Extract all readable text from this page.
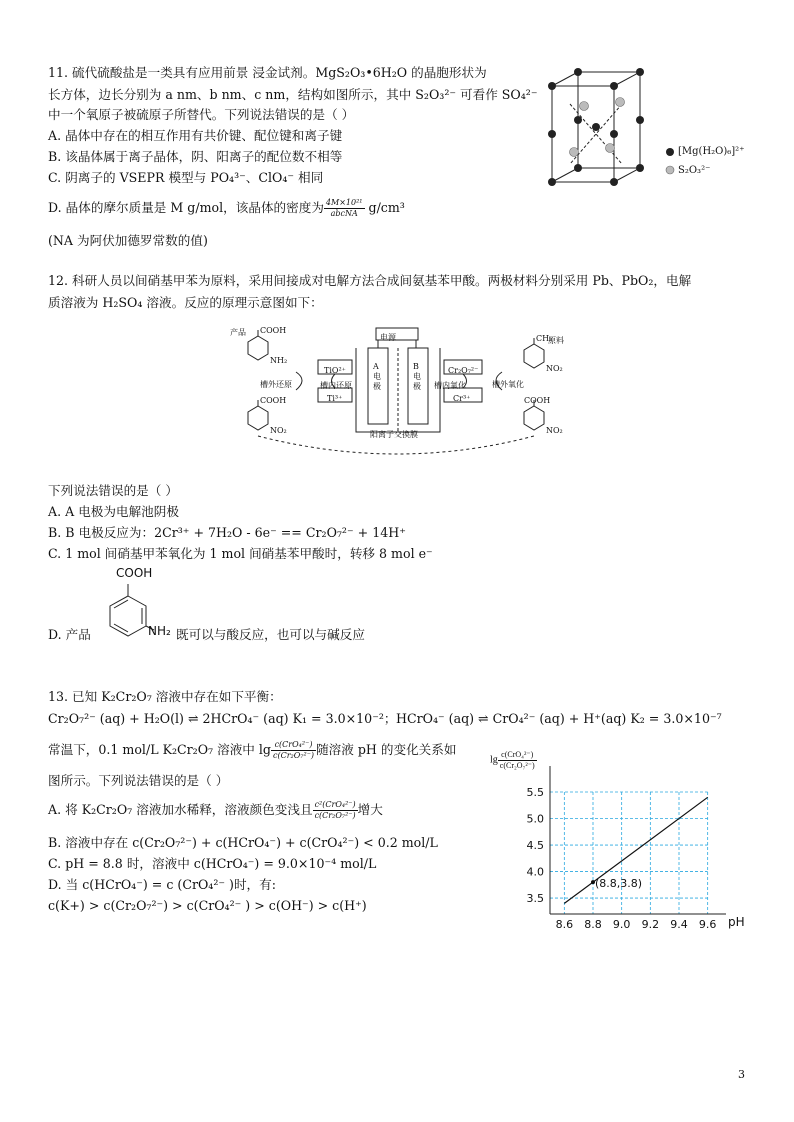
11. 硫代硫酸盐是一类具有应用前景 浸金试剂。MgS₂O₃•6H₂O 的晶胞形状为
长方体，边长分别为 a nm、b nm、c nm，结构如图所示，其中 S₂O₃²⁻ 可看作 SO₄²⁻
中一个氧原子被硫原子所替代。下列说法错误的是（ ）
A. 晶体中存在的相互作用有共价键、配位键和离子键
B. 该晶体属于离子晶体，阴、阳离子的配位数不相等
C. 阴离子的 VSEPR 模型与 PO₄³⁻、ClO₄⁻ 相同
D. 晶体的摩尔质量是 M g/mol，该晶体的密度为 $\frac{\text{4M×10²¹}}{\text{abcNA}} g/cm^3$
(NA 为阿伏加德罗常数的值)
[Mg(H₂O)₆]²⁺
S₂O₃²⁻
12. 科研人员以间硝基甲苯为原料，采用间接成对电解方法合成间氨基苯甲酸。两极材料分别采用 Pb、PbO₂，电解
质溶液为 H₂SO₄ 溶液。反应的原理示意图如下：
电源
产品 COOH
NH₂
COOH
NO₂
CH₃
原料
NO₂
COOH
NO₂
TiO²⁺
Ti³⁺
Cr₂O₇²⁻
Cr³⁺
槽外还原	槽内还原	槽内氧化	槽外氧化
A电极
B电极
阳离子交换膜
下列说法错误的是（ ）
A. A 电极为电解池阴极
B. B 电极反应为：2Cr³⁺ + 7H₂O - 6e⁻ == Cr₂O₇²⁻ + 14H⁺
C. 1 mol 间硝基甲苯氧化为 1 mol 间硝基苯甲酸时，转移 8 mol e⁻
COOH
NH₂
D. 产品	既可以与酸反应，也可以与碱反应
13. 已知 K₂Cr₂O₇ 溶液中存在如下平衡：
Cr₂O₇²⁻ (aq) + H₂O(l) ⇌ 2HCrO₄⁻ (aq) K₁ = 3.0×10⁻²； HCrO₄⁻ (aq) ⇌ CrO₄²⁻ (aq) + H⁺(aq) K₂ = 3.0×10⁻⁷
常温下，0.1 mol/L K₂Cr₂O₇ 溶液中 $\lg \frac{\text{c(CrO₄²⁻)}}{\text{c(Cr₂O₇²⁻)}}$ 随溶液 pH 的变化关系如
图所示。下列说法错误的是（ ）
A. 将 K₂Cr₂O₇ 溶液加水稀释，溶液颜色变浅且 $\frac{\text{c²(CrO₄²⁻)}}{\text{c(Cr₂O₇²⁻)}}$ 增大
B. 溶液中存在 c(Cr₂O₇²⁻) + c(HCrO₄⁻) + c(CrO₄²⁻) < 0.2 mol/L
C. pH = 8.8 时，溶液中 c(HCrO₄⁻) = 9.0×10⁻⁴ mol/L
D. 当 c(HCrO₄⁻) = c (CrO₄²⁻ )时，有:
c(K+) > c(Cr₂O₇²⁻) > c(CrO₄²⁻ ) > c(OH⁻) > c(H⁺)
$\lg \frac{\text{c(CrO₄²⁻)}}{\text{c(Cr₂O₇²⁻)}}$
8.6 8.8 9.0 9.2 9.4 9.6
3.5
4.0
4.5
5.0
5.5
pH
(8.8,3.8)
3
